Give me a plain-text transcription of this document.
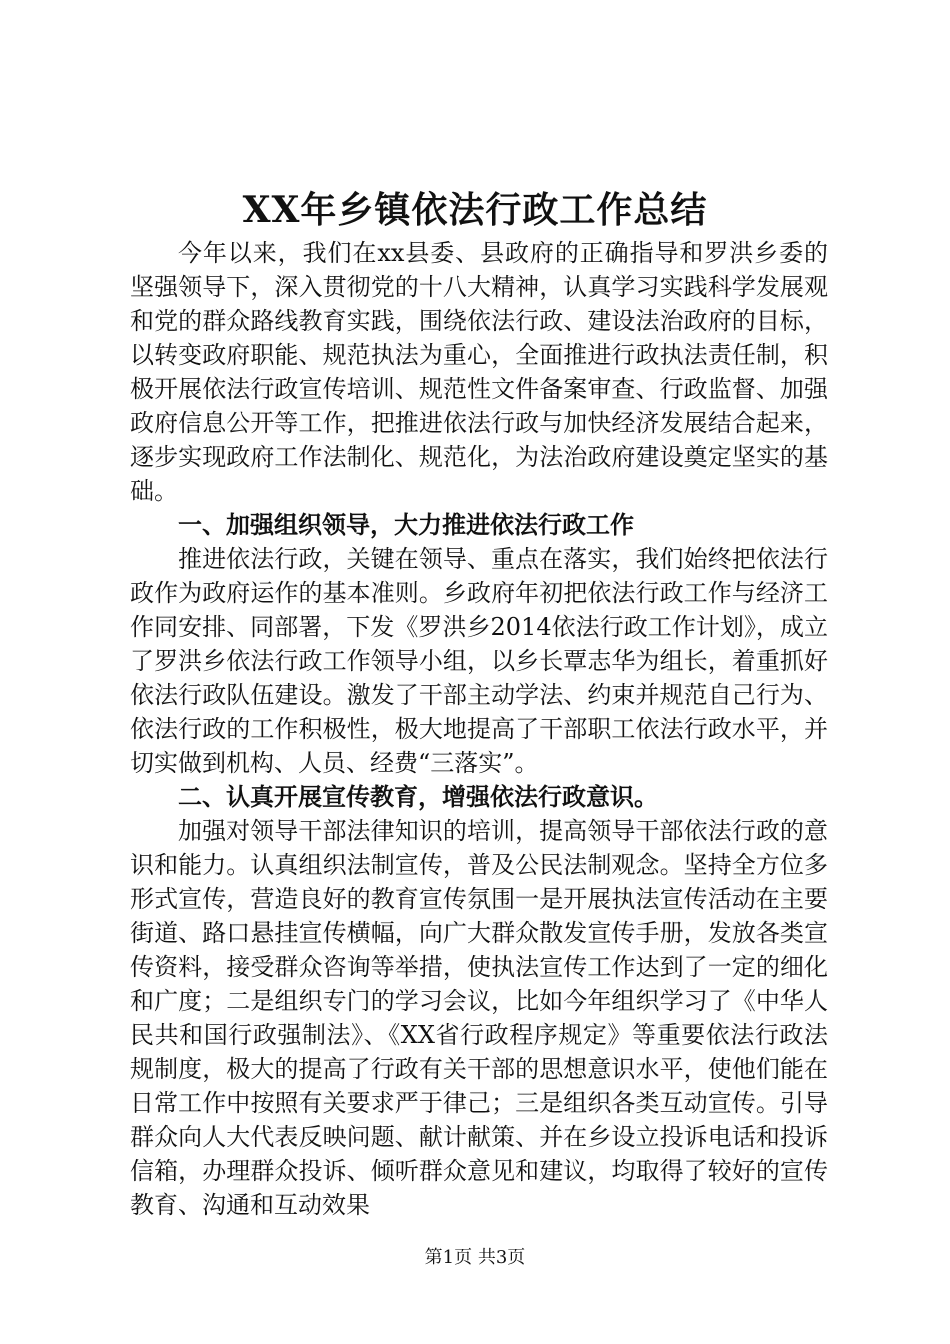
XX年乡镇依法行政工作总结

今年以来，我们在xx县委、县政府的正确指导和罗洪乡委的坚强领导下，深入贯彻党的十八大精神，认真学习实践科学发展观和党的群众路线教育实践，围绕依法行政、建设法治政府的目标，以转变政府职能、规范执法为重心，全面推进行政执法责任制，积极开展依法行政宣传培训、规范性文件备案审查、行政监督、加强政府信息公开等工作，把推进依法行政与加快经济发展结合起来，逐步实现政府工作法制化、规范化，为法治政府建设奠定坚实的基础。

一、加强组织领导，大力推进依法行政工作

推进依法行政，关键在领导、重点在落实，我们始终把依法行政作为政府运作的基本准则。乡政府年初把依法行政工作与经济工作同安排、同部署，下发《罗洪乡2014依法行政工作计划》，成立了罗洪乡依法行政工作领导小组，以乡长覃志华为组长，着重抓好依法行政队伍建设。激发了干部主动学法、约束并规范自己行为、依法行政的工作积极性，极大地提高了干部职工依法行政水平，并切实做到机构、人员、经费“三落实”。

二、认真开展宣传教育，增强依法行政意识。

加强对领导干部法律知识的培训，提高领导干部依法行政的意识和能力。认真组织法制宣传，普及公民法制观念。坚持全方位多形式宣传，营造良好的教育宣传氛围一是开展执法宣传活动在主要街道、路口悬挂宣传横幅，向广大群众散发宣传手册，发放各类宣传资料，接受群众咨询等举措，使执法宣传工作达到了一定的细化和广度；二是组织专门的学习会议，比如今年组织学习了《中华人民共和国行政强制法》、《XX省行政程序规定》等重要依法行政法规制度，极大的提高了行政有关干部的思想意识水平，使他们能在日常工作中按照有关要求严于律己；三是组织各类互动宣传。引导群众向人大代表反映问题、献计献策、并在乡设立投诉电话和投诉信箱，办理群众投诉、倾听群众意见和建议，均取得了较好的宣传教育、沟通和互动效果

第1页 共3页
